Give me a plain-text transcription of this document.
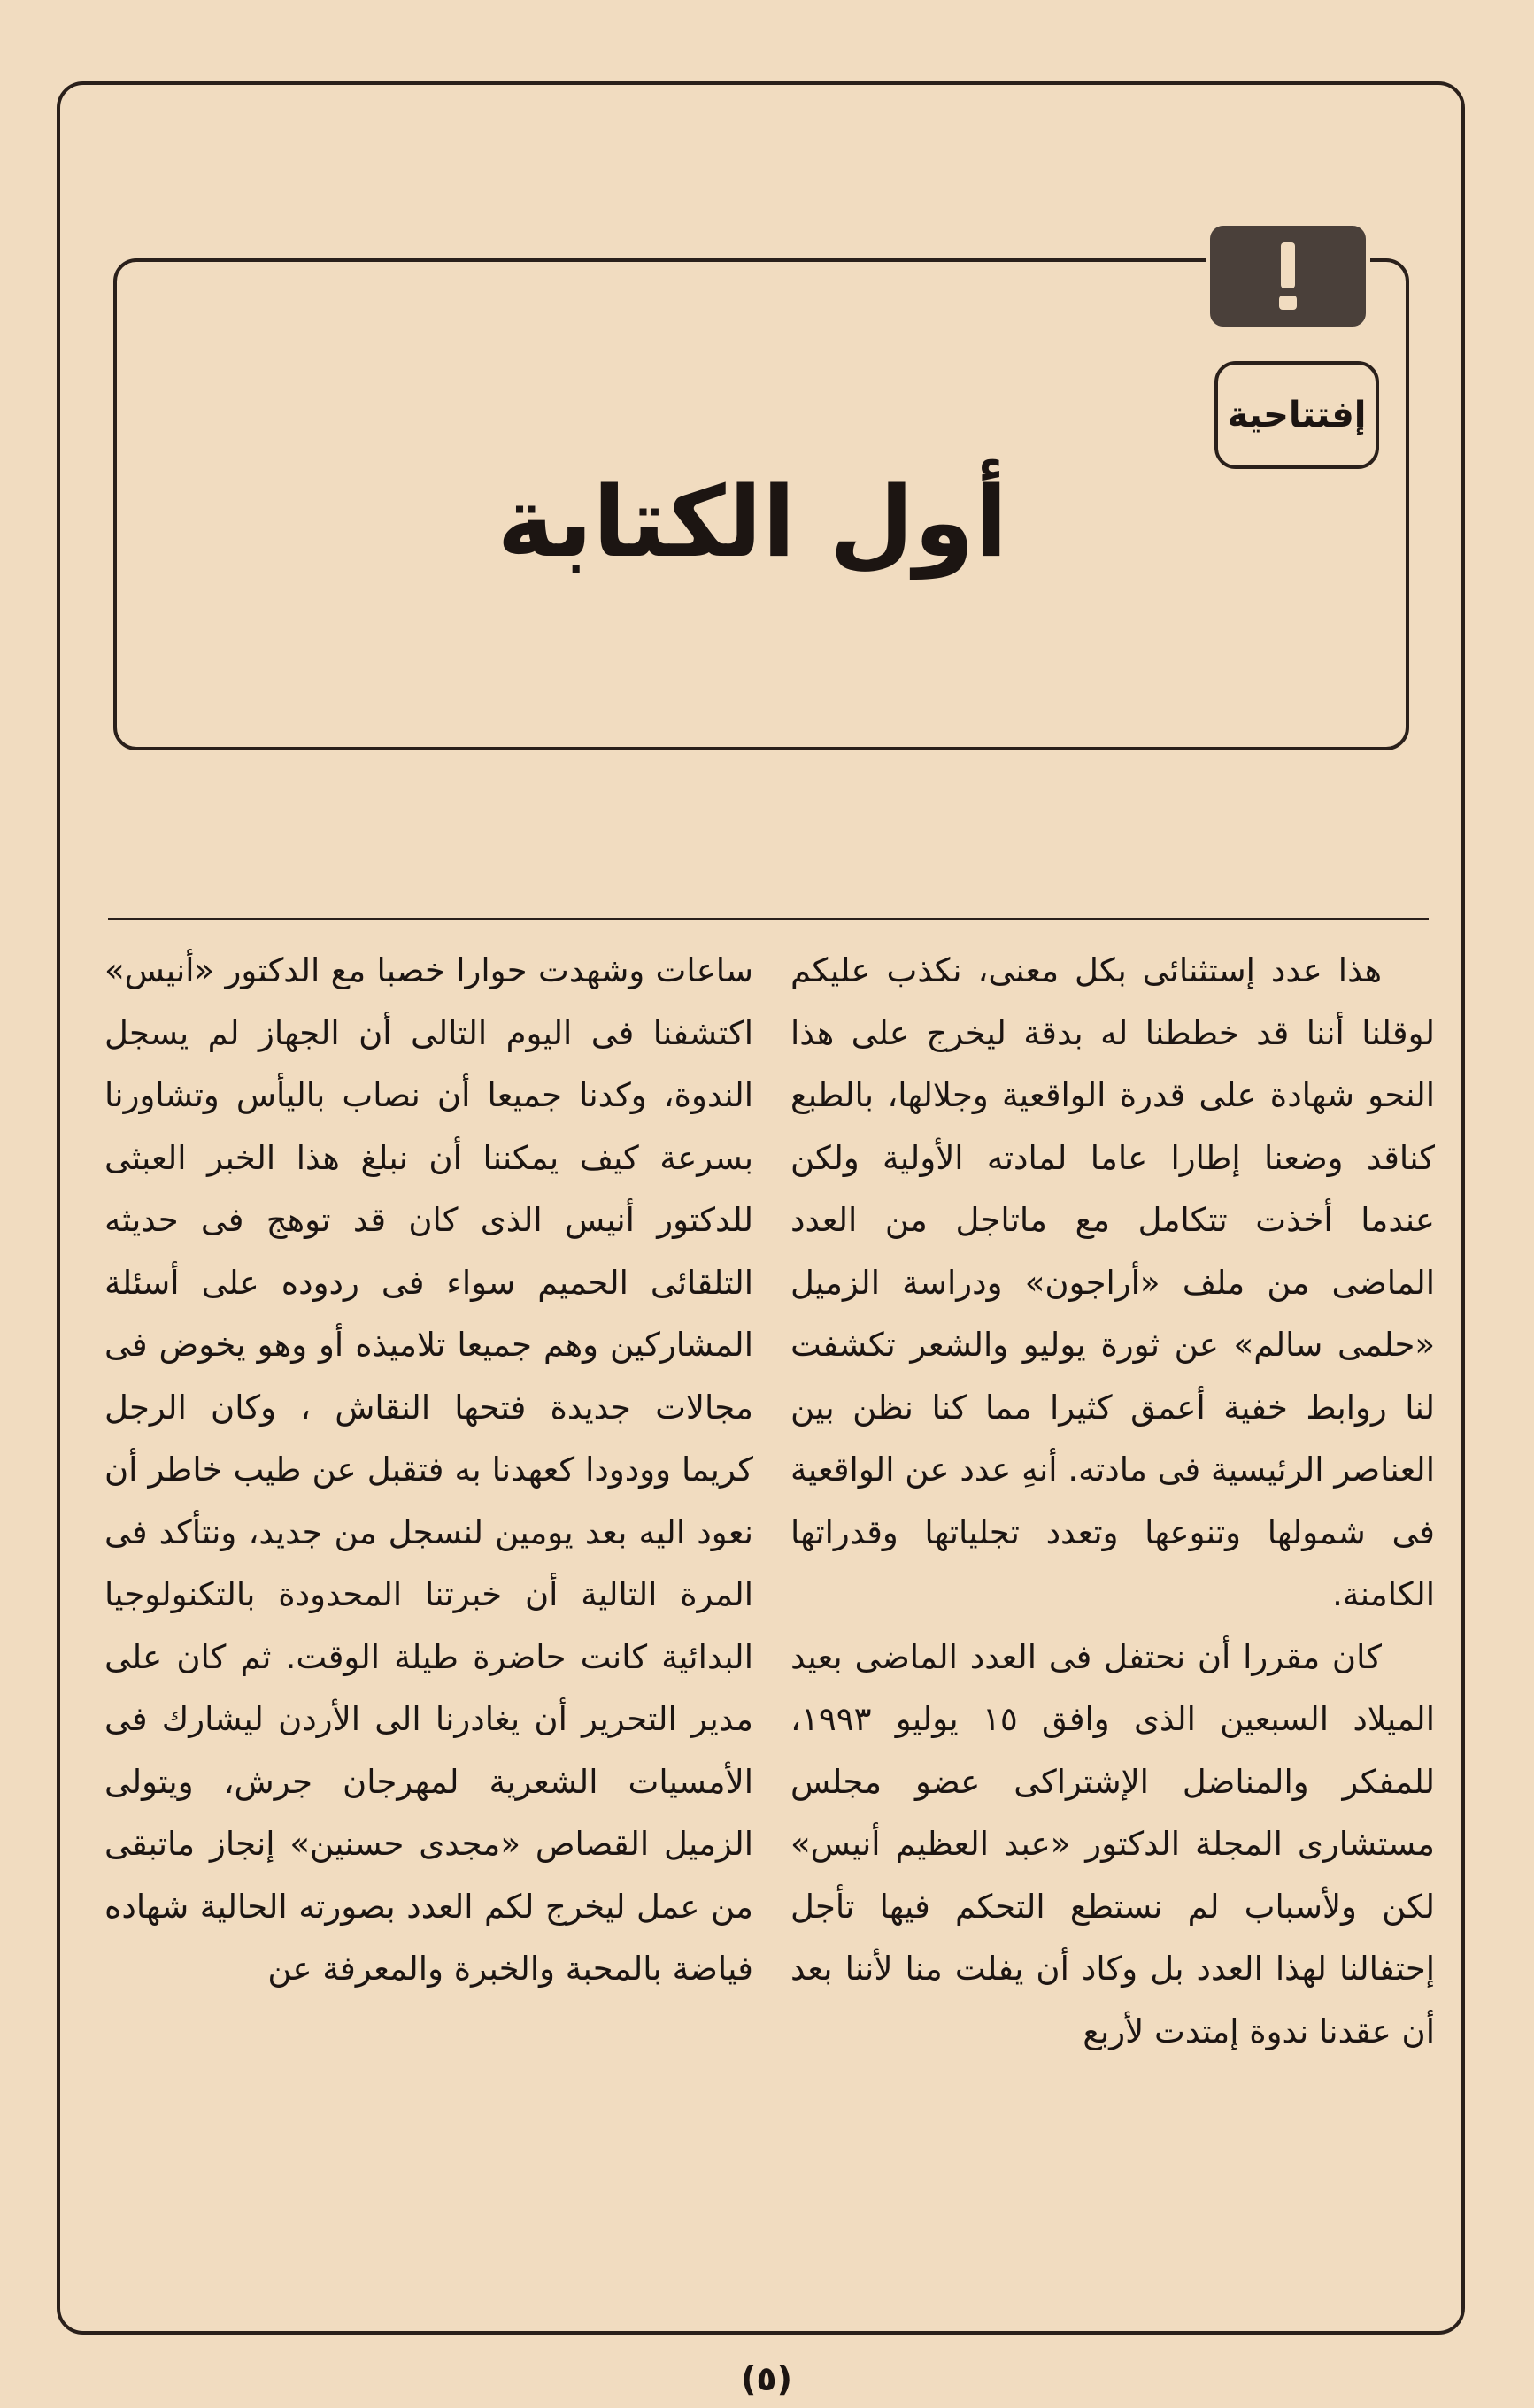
إفتتاحية
أول الكتابة

هذا عدد إستثنائى بكل معنى، نكذب عليكم لوقلنا أننا قد خططنا له بدقة ليخرج على هذا النحو شهادة على قدرة الواقعية وجلالها، بالطبع كناقد وضعنا إطارا عاما لمادته الأولية ولكن عندما أخذت تتكامل مع ماتاجل من العدد الماضى من ملف «أراجون» ودراسة الزميل «حلمى سالم» عن ثورة يوليو والشعر تكشفت لنا روابط خفية أعمق كثيرا مما كنا نظن بين العناصر الرئيسية فى مادته. أنهِ عدد عن الواقعية فى شمولها وتنوعها وتعدد تجلياتها وقدراتها الكامنة.

كان مقررا أن نحتفل فى العدد الماضى بعيد الميلاد السبعين الذى وافق ١٥ يوليو ١٩٩٣، للمفكر والمناضل الإشتراكى عضو مجلس مستشارى المجلة الدكتور «عبد العظيم أنيس» لكن ولأسباب لم نستطع التحكم فيها تأجل إحتفالنا لهذا العدد بل وكاد أن يفلت منا لأننا بعد أن عقدنا ندوة إمتدت لأربع

ساعات وشهدت حوارا خصبا مع الدكتور «أنيس» اكتشفنا فى اليوم التالى أن الجهاز لم يسجل الندوة، وكدنا جميعا أن نصاب باليأس وتشاورنا بسرعة كيف يمكننا أن نبلغ هذا الخبر العبثى للدكتور أنيس الذى كان قد توهج فى حديثه التلقائى الحميم سواء فى ردوده على أسئلة المشاركين وهم جميعا تلاميذه أو وهو يخوض فى مجالات جديدة فتحها النقاش ، وكان الرجل كريما وودودا كعهدنا به فتقبل عن طيب خاطر أن نعود اليه بعد يومين لنسجل من جديد، ونتأكد فى المرة التالية أن خبرتنا المحدودة بالتكنولوجيا البدائية كانت حاضرة طيلة الوقت. ثم كان على مدير التحرير أن يغادرنا الى الأردن ليشارك فى الأمسيات الشعرية لمهرجان جرش، ويتولى الزميل القصاص «مجدى حسنين» إنجاز ماتبقى من عمل ليخرج لكم العدد بصورته الحالية شهاده فياضة بالمحبة والخبرة والمعرفة عن

(٥)
